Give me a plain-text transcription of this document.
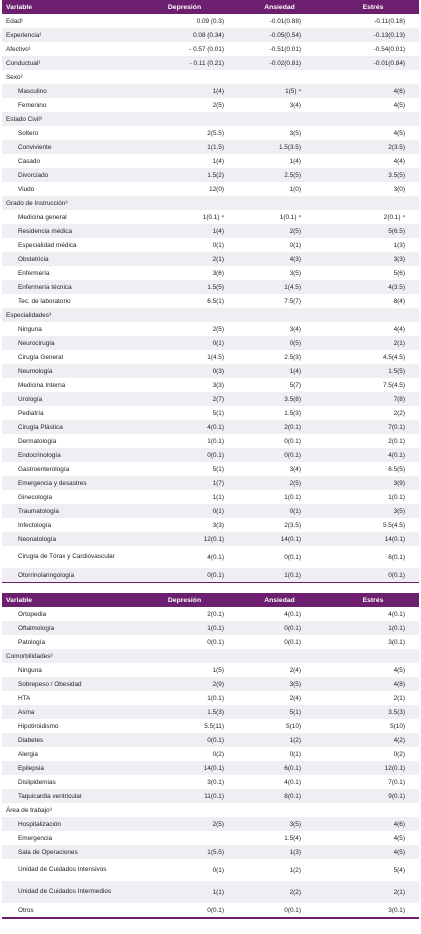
Variable	Depresión	Ansiedad	Estrés
Edad¹	0.09 (0.3)	-0.01(0.88)	-0.11(0.18)
Experiencia¹	0.08 (0.34)	-0.05(0.54)	-0.13(0.13)
Afectivo¹	- 0.57 (0.01)	-0.51(0.01)	-0.54(0.01)
Conductual¹	- 0.11 (0.21)	-0.02(0.81)	-0.01(0.84)
Sexo²			
Masculino	1(4)	1(5) ⁴	4(6)
Femenino	2(5)	3(4)	4(5)
Estado Civil³			
Soltero	2(5.5)	3(5)	4(5)
Conviviente	1(1.5)	1.5(3.5)	2(3.5)
Casado	1(4)	1(4)	4(4)
Divorciado	1.5(2)	2.5(5)	3.5(5)
Viudo	12(0)	1(0)	3(0)
Grado de Instrucción³			
Medicina general	1(0.1) ⁴	1(0.1) ⁴	2(0.1) ⁴
Residencia médica	1(4)	2(5)	5(6.5)
Especialidad médica	0(1)	0(1)	1(3)
Obstetricia	2(1)	4(3)	3(3)
Enfermería	3(6)	3(5)	5(6)
Enfermería técnica	1.5(5)	1(4.5)	4(3.5)
Tec. de laboratorio	6.5(1)	7.5(7)	8(4)
Especialidades³			
Ninguna	2(5)	3(4)	4(4)
Neurocirugía	0(1)	0(5)	2(1)
Cirugía General	1(4.5)	2.5(3)	4.5(4.5)
Neumología	0(3)	1(4)	1.5(5)
Medicina Interna	3(3)	5(7)	7.5(4.5)
Urología	2(7)	3.5(8)	7(8)
Pediatría	5(1)	1.5(3)	2(2)
Cirugía Plástica	4(0.1)	2(0.1)	7(0.1)
Dermatología	1(0.1)	0(0.1)	2(0.1)
Endocrinología	0(0.1)	0(0.1)	4(0.1)
Gastroenterología	5(1)	3(4)	6.5(5)
Emergencia y desastres	1(7)	2(5)	3(9)
Ginecología	1(1)	1(0.1)	1(0.1)
Traumatología	0(1)	0(1)	3(5)
Infectología	3(3)	2(3.5)	5.5(4.5)
Neonatología	12(0.1)	14(0.1)	14(0.1)
Cirugía de Tórax y Cardiovascular	4(0.1)	0(0.1)	6(0.1)
Otorrinolaringología	0(0.1)	1(0.1)	0(0.1)
Variable	Depresión	Ansiedad	Estrés
Ortopedia	2(0.1)	4(0.1)	4(0.1)
Oftalmología	1(0.1)	0(0.1)	1(0.1)
Patología	0(0.1)	0(0.1)	3(0.1)
Comorbilidades³			
Ninguna	1(5)	2(4)	4(5)
Sobrepeso / Obesidad	2(9)	3(5)	4(8)
HTA	1(0.1)	2(4)	2(1)
Asma	1.5(3)	5(1)	3.5(3)
Hipotiroidismo	5.5(11)	5(10)	5(10)
Diabetes	0(0.1)	1(2)	4(2)
Alergia	0(2)	0(1)	0(2)
Epilepsia	14(0.1)	6(0.1)	12(0.1)
Dislipidemias	3(0.1)	4(0.1)	7(0.1)
Taquicardia ventricular	11(0.1)	8(0.1)	9(0.1)
Área de trabajo³			
Hospitalización	2(5)	3(5)	4(6)
Emergencia		1.5(4)	4(5)
Sala de Operaciones	1(5.5)	1(3)	4(5)
Unidad de Cuidados Intensivos	0(1)	1(2)	5(4)
Unidad de Cuidados Intermedios	1(1)	2(2)	2(1)
Otros	0(0.1)	0(0.1)	3(0.1)
